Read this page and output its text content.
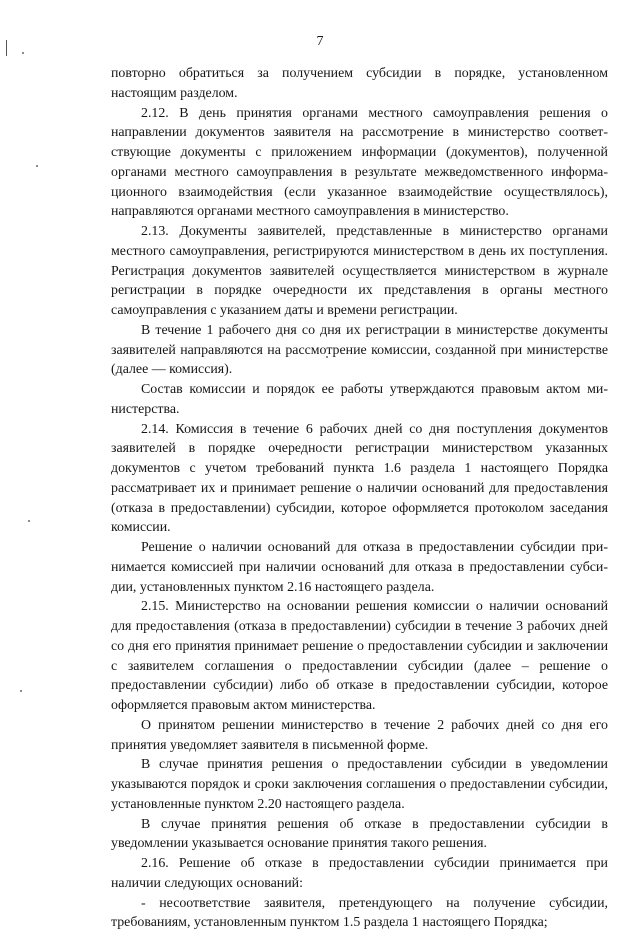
7

повторно обратиться за получением субсидии в порядке, установленном настоящим разделом.

2.12. В день принятия органами местного самоуправления решения о направлении документов заявителя на рассмотрение в министерство соответствующие документы с приложением информации (документов), полученной органами местного самоуправления в результате межведомственного информационного взаимодействия (если указанное взаимодействие осуществлялось), направляются органами местного самоуправления в министерство.

2.13. Документы заявителей, представленные в министерство органами местного самоуправления, регистрируются министерством в день их поступления. Регистрация документов заявителей осуществляется министерством в журнале регистрации в порядке очередности их представления в органы местного самоуправления с указанием даты и времени регистрации.

В течение 1 рабочего дня со дня их регистрации в министерстве документы заявителей направляются на рассмотрение комиссии, созданной при министерстве (далее — комиссия).

Состав комиссии и порядок ее работы утверждаются правовым актом министерства.

2.14. Комиссия в течение 6 рабочих дней со дня поступления документов заявителей в порядке очередности регистрации министерством указанных документов с учетом требований пункта 1.6 раздела 1 настоящего Порядка рассматривает их и принимает решение о наличии оснований для предоставления (отказа в предоставлении) субсидии, которое оформляется протоколом заседания комиссии.

Решение о наличии оснований для отказа в предоставлении субсидии принимается комиссией при наличии оснований для отказа в предоставлении субсидии, установленных пунктом 2.16 настоящего раздела.

2.15. Министерство на основании решения комиссии о наличии оснований для предоставления (отказа в предоставлении) субсидии в течение 3 рабочих дней со дня его принятия принимает решение о предоставлении субсидии и заключении с заявителем соглашения о предоставлении субсидии (далее – решение о предоставлении субсидии) либо об отказе в предоставлении субсидии, которое оформляется правовым актом министерства.

О принятом решении министерство в течение 2 рабочих дней со дня его принятия уведомляет заявителя в письменной форме.

В случае принятия решения о предоставлении субсидии в уведомлении указываются порядок и сроки заключения соглашения о предоставлении субсидии, установленные пунктом 2.20 настоящего раздела.

В случае принятия решения об отказе в предоставлении субсидии в уведомлении указывается основание принятия такого решения.

2.16. Решение об отказе в предоставлении субсидии принимается при наличии следующих оснований:

- несоответствие заявителя, претендующего на получение субсидии, требованиям, установленным пунктом 1.5 раздела 1 настоящего Порядка;
